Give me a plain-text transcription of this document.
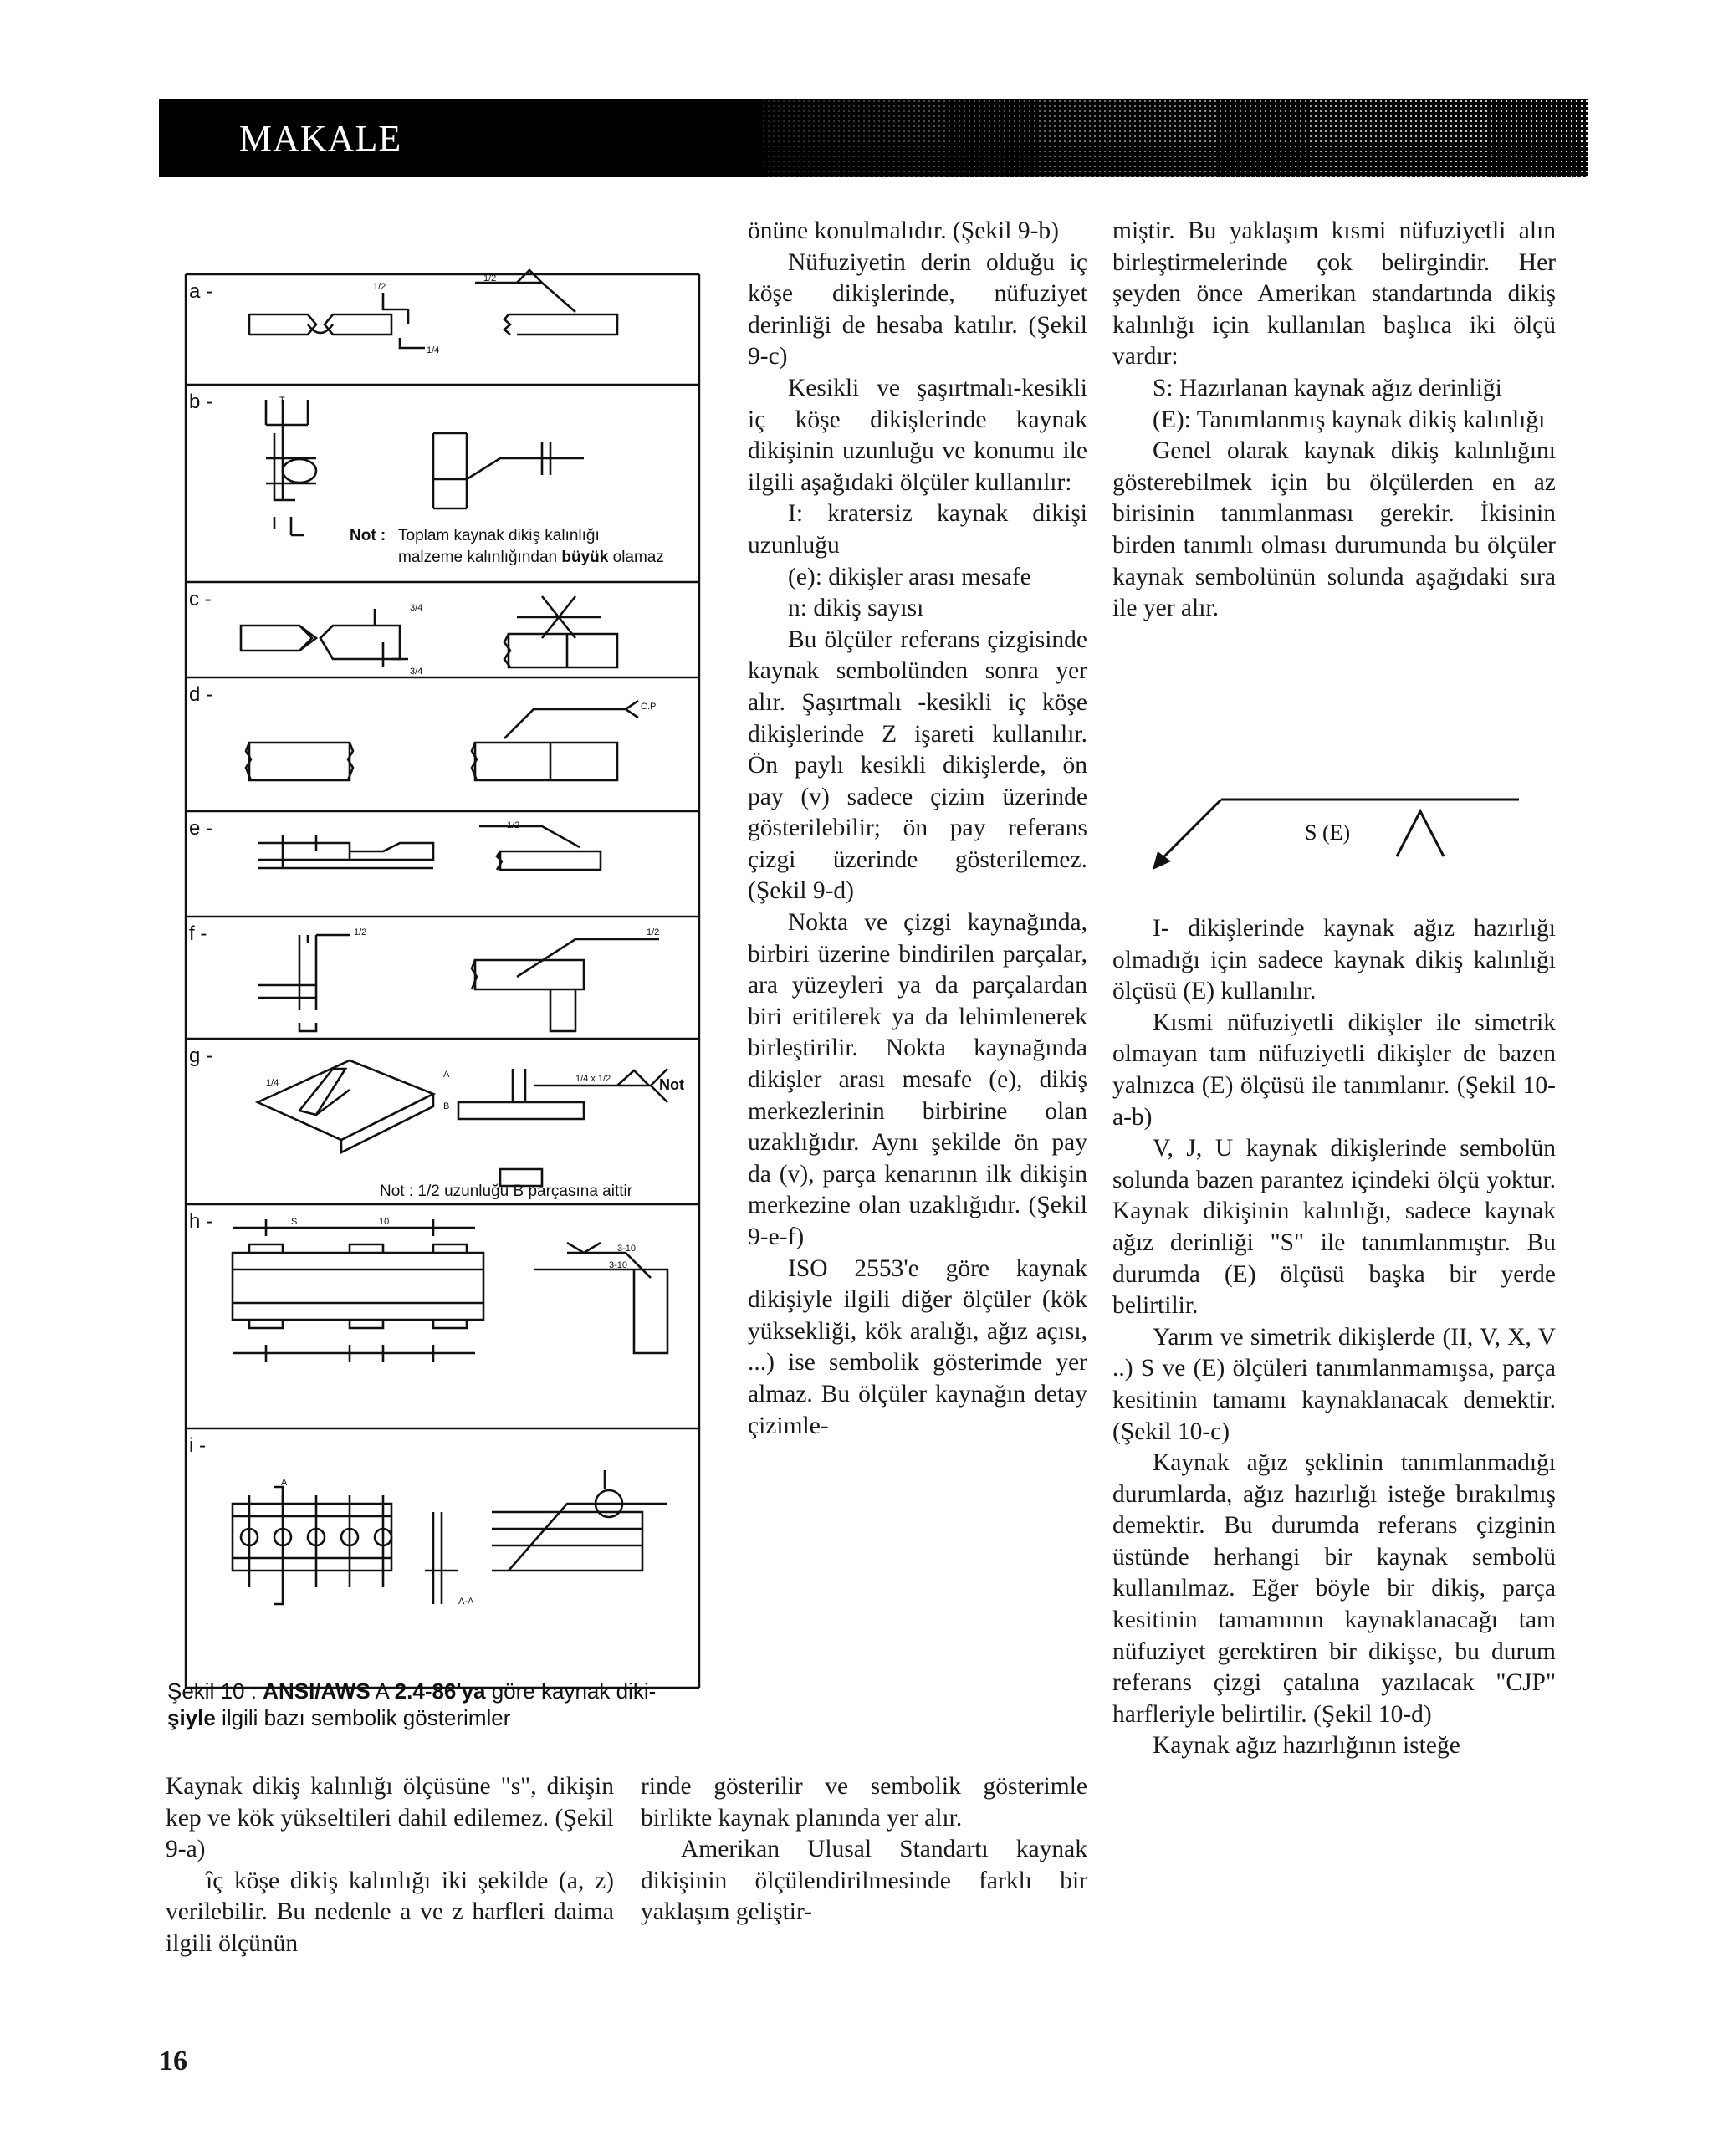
MAKALE
a -
b -
c -
d -
e -
f -
g -
h -
i -
1/2
1/2
1/4
T
3/4
3/4
C.P
1/2
1/2	1/2
1/4	1/4 x 1/2	Not
A
B
S	10
3-10
3-10
A
A-A
Not : Toplam kaynak dikiş kalınlığı
malzeme kalınlığından büyük olamaz
Not : 1/2 uzunluğu B parçasına aittir
Şekil 10 : ANSI/AWS A 2.4-86'ya göre kaynak diki-
şiyle ilgili bazı sembolik gösterimler

Kaynak dikiş kalınlığı ölçüsüne "s", dikişin kep ve kök yükseltileri dahil edilemez. (Şekil 9-a)

îç köşe dikiş kalınlığı iki şekilde (a, z) verilebilir. Bu nedenle a ve z harfleri daima ilgili ölçünün

önüne konulmalıdır. (Şekil 9-b)

Nüfuziyetin derin olduğu iç köşe dikişlerinde, nüfuziyet derinliği de hesaba katılır. (Şekil 9-c)

Kesikli ve şaşırtmalı-kesikli iç köşe dikişlerinde kaynak dikişinin uzunluğu ve konumu ile ilgili aşağıdaki ölçüler kullanılır:

I: kratersiz kaynak dikişi uzunluğu

(e): dikişler arası mesafe

n: dikiş sayısı

Bu ölçüler referans çizgisinde kaynak sembolünden sonra yer alır. Şaşırtmalı -kesikli iç köşe dikişlerinde Z işareti kullanılır. Ön paylı kesikli dikişlerde, ön pay (v) sadece çizim üzerinde gösterilebilir; ön pay referans çizgi üzerinde gösterilemez. (Şekil 9-d)

Nokta ve çizgi kaynağında, birbiri üzerine bindirilen parçalar, ara yüzeyleri ya da parçalardan biri eritilerek ya da lehimlenerek birleştirilir. Nokta kaynağında dikişler arası mesafe (e), dikiş merkezlerinin birbirine olan uzaklığıdır. Aynı şekilde ön pay da (v), parça kenarının ilk dikişin merkezine olan uzaklığıdır. (Şekil 9-e-f)

ISO 2553'e göre kaynak dikişiyle ilgili diğer ölçüler (kök yüksekliği, kök aralığı, ağız açısı, ...) ise sembolik gösterimde yer almaz. Bu ölçüler kaynağın detay çizimle-

rinde gösterilir ve sembolik gösterimle birlikte kaynak planında yer alır.

Amerikan Ulusal Standartı kaynak dikişinin ölçülendirilmesinde farklı bir yaklaşım geliştir-

miştir. Bu yaklaşım kısmi nüfuziyetli alın birleştirmelerinde çok belirgindir. Her şeyden önce Amerikan standartında dikiş kalınlığı için kullanılan başlıca iki ölçü vardır:

S: Hazırlanan kaynak ağız derinliği

(E): Tanımlanmış kaynak dikiş kalınlığı

Genel olarak kaynak dikiş kalınlığını gösterebilmek için bu ölçülerden en az birisinin tanımlanması gerekir. İkisinin birden tanımlı olması durumunda bu ölçüler kaynak sembolünün solunda aşağıdaki sıra ile yer alır.

S (E)

I- dikişlerinde kaynak ağız hazırlığı olmadığı için sadece kaynak dikiş kalınlığı ölçüsü (E) kullanılır.

Kısmi nüfuziyetli dikişler ile simetrik olmayan tam nüfuziyetli dikişler de bazen yalnızca (E) ölçüsü ile tanımlanır. (Şekil 10-a-b)

V, J, U kaynak dikişlerinde sembolün solunda bazen parantez içindeki ölçü yoktur. Kaynak dikişinin kalınlığı, sadece kaynak ağız derinliği "S" ile tanımlanmıştır. Bu durumda (E) ölçüsü başka bir yerde belirtilir.

Yarım ve simetrik dikişlerde (II, V, X, V ..) S ve (E) ölçüleri tanımlanmamışsa, parça kesitinin tamamı kaynaklanacak demektir. (Şekil 10-c)

Kaynak ağız şeklinin tanımlanmadığı durumlarda, ağız hazırlığı isteğe bırakılmış demektir. Bu durumda referans çizginin üstünde herhangi bir kaynak sembolü kullanılmaz. Eğer böyle bir dikiş, parça kesitinin tamamının kaynaklanacağı tam nüfuziyet gerektiren bir dikişse, bu durum referans çizgi çatalına yazılacak "CJP" harfleriyle belirtilir. (Şekil 10-d)

Kaynak ağız hazırlığının isteğe

16
